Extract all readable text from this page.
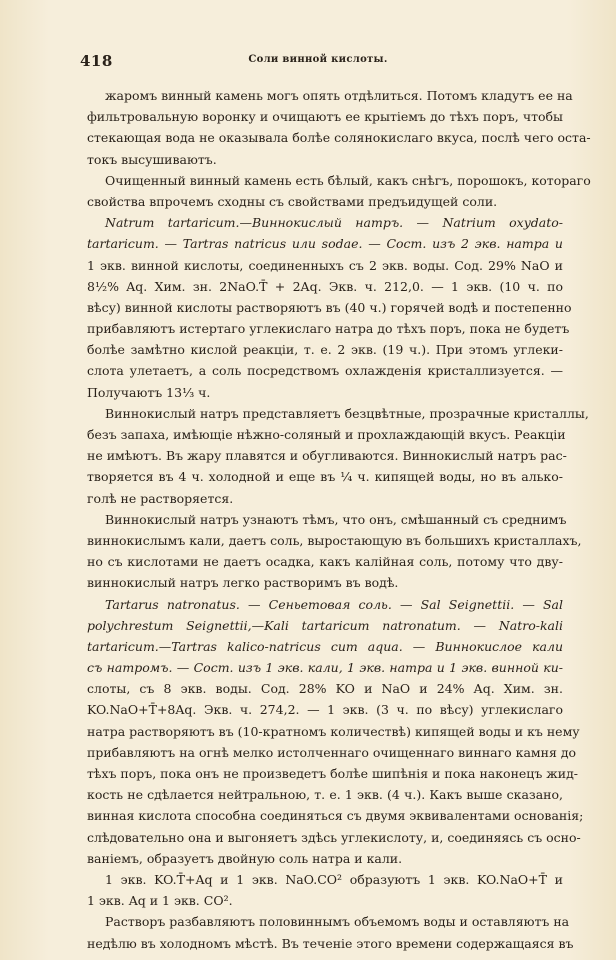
418	Соли винной кислоты.
жаромъ винный камень могъ опять отдѣлиться. Потомъ кладутъ ее на
фильтровальную воронку и очищаютъ ее крытіемъ до тѣхъ поръ, чтобы
стекающая вода не оказывала болѣе солянокислаго вкуса, послѣ чего оста-
токъ высушиваютъ.
Очищенный винный камень есть бѣлый, какъ снѣгъ, порошокъ, котораго
свойства впрочемъ сходны съ свойствами предъидущей соли.
Natrum tartaricum.—Виннокислый натръ. — Natrium oxydato-
tartaricum. — Tartras natricus или sodae. — Сост. изъ 2 экв. натра и
1 экв. винной кислоты, соединенныхъ съ 2 экв. воды. Сод. 29% NaO и
8½% Aq. Хим. зн. 2NaO.T̄ + 2Aq. Экв. ч. 212,0. — 1 экв. (10 ч. по
вѣсу) винной кислоты растворяютъ въ (40 ч.) горячей водѣ и постепенно
прибавляютъ истертаго углекислаго натра до тѣхъ поръ, пока не будетъ
болѣе замѣтно кислой реакціи, т. е. 2 экв. (19 ч.). При этомъ углеки-
слота улетаетъ, а соль посредствомъ охлажденія кристаллизуется. —
Получаютъ 13⅓ ч.
Виннокислый натръ представляетъ безцвѣтные, прозрачные кристаллы,
безъ запаха, имѣющіе нѣжно-соляный и прохлаждающій вкусъ. Реакціи
не имѣютъ. Въ жару плавятся и обугливаются. Виннокислый натръ рас-
творяется въ 4 ч. холодной и еще въ ¼ ч. кипящей воды, но въ алько-
голѣ не растворяется.
Виннокислый натръ узнаютъ тѣмъ, что онъ, смѣшанный съ среднимъ
виннокислымъ кали, даетъ соль, выростающую въ большихъ кристаллахъ,
но съ кислотами не даетъ осадка, какъ калійная соль, потому что дву-
виннокислый натръ легко растворимъ въ водѣ.
Tartarus natronatus. — Сеньетовая соль. — Sal Seignettii. — Sal
polychrestum Seignettii,—Kali tartaricum natronatum. — Natro-kali
tartaricum.—Tartras kalico-natricus cum aqua. — Виннокислое кали
съ натромъ. — Сост. изъ 1 экв. кали, 1 экв. натра и 1 экв. винной ки-
слоты, съ 8 экв. воды. Сод. 28% KO и NaO и 24% Aq. Хим. зн.
KO.NaO+T̄+8Aq. Экв. ч. 274,2. — 1 экв. (3 ч. по вѣсу) углекислаго
натра растворяютъ въ (10-кратномъ количествѣ) кипящей воды и къ нему
прибавляютъ на огнѣ мелко истолченнаго очищеннаго виннаго камня до
тѣхъ поръ, пока онъ не произведетъ болѣе шипѣнія и пока наконецъ жид-
кость не сдѣлается нейтральною, т. е. 1 экв. (4 ч.). Какъ выше сказано,
винная кислота способна соединяться съ двумя эквивалентами основанія;
слѣдовательно она и выгоняетъ здѣсь углекислоту, и, соединяясь съ осно-
ваніемъ, образуетъ двойную соль натра и кали.
1 экв. KO.T̄+Aq и 1 экв. NaO.CO² образуютъ 1 экв. KO.NaO+T̄ и
1 экв. Aq и 1 экв. CO².
Растворъ разбавляютъ половиннымъ объемомъ воды и оставляютъ на
недѣлю въ холодномъ мѣстѣ. Въ теченіе этого времени содержащаяся въ
